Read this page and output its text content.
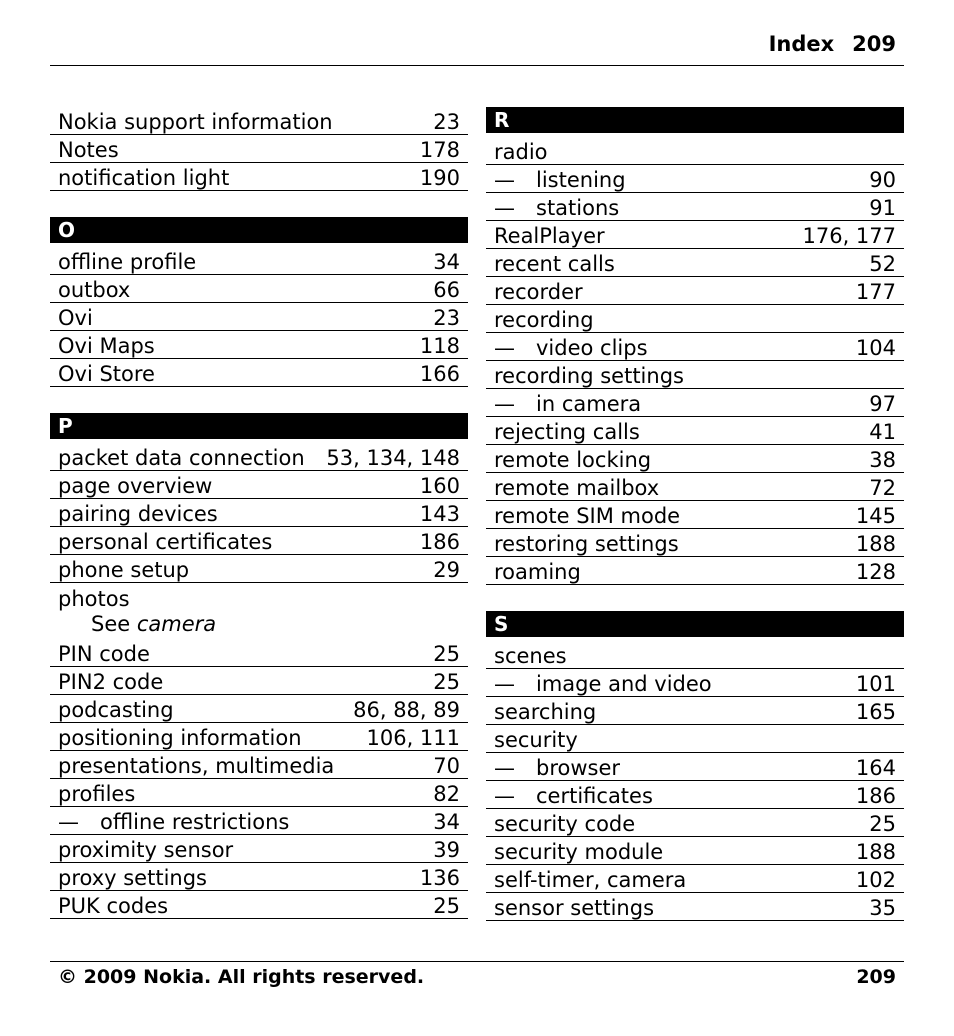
Index 209
Nokia support information	23
Notes	178
notification light	190
O
offline profile	34
outbox	66
Ovi	23
Ovi Maps	118
Ovi Store	166
P
packet data connection 53, 134, 148
page overview	160
pairing devices	143
personal certificates	186
phone setup	29
photos
See camera
PIN code	25
PIN2 code	25
podcasting	86, 88, 89
positioning information	106, 111
presentations, multimedia	70
profiles	82
— offline restrictions	34
proximity sensor	39
proxy settings	136
PUK codes	25
R
radio
— listening	90
— stations	91
RealPlayer	176, 177
recent calls	52
recorder	177
recording
— video clips	104
recording settings
— in camera	97
rejecting calls	41
remote locking	38
remote mailbox	72
remote SIM mode	145
restoring settings	188
roaming	128
S
scenes
— image and video	101
searching	165
security
— browser	164
— certificates	186
security code	25
security module	188
self-timer, camera	102
sensor settings	35
© 2009 Nokia. All rights reserved.	209
